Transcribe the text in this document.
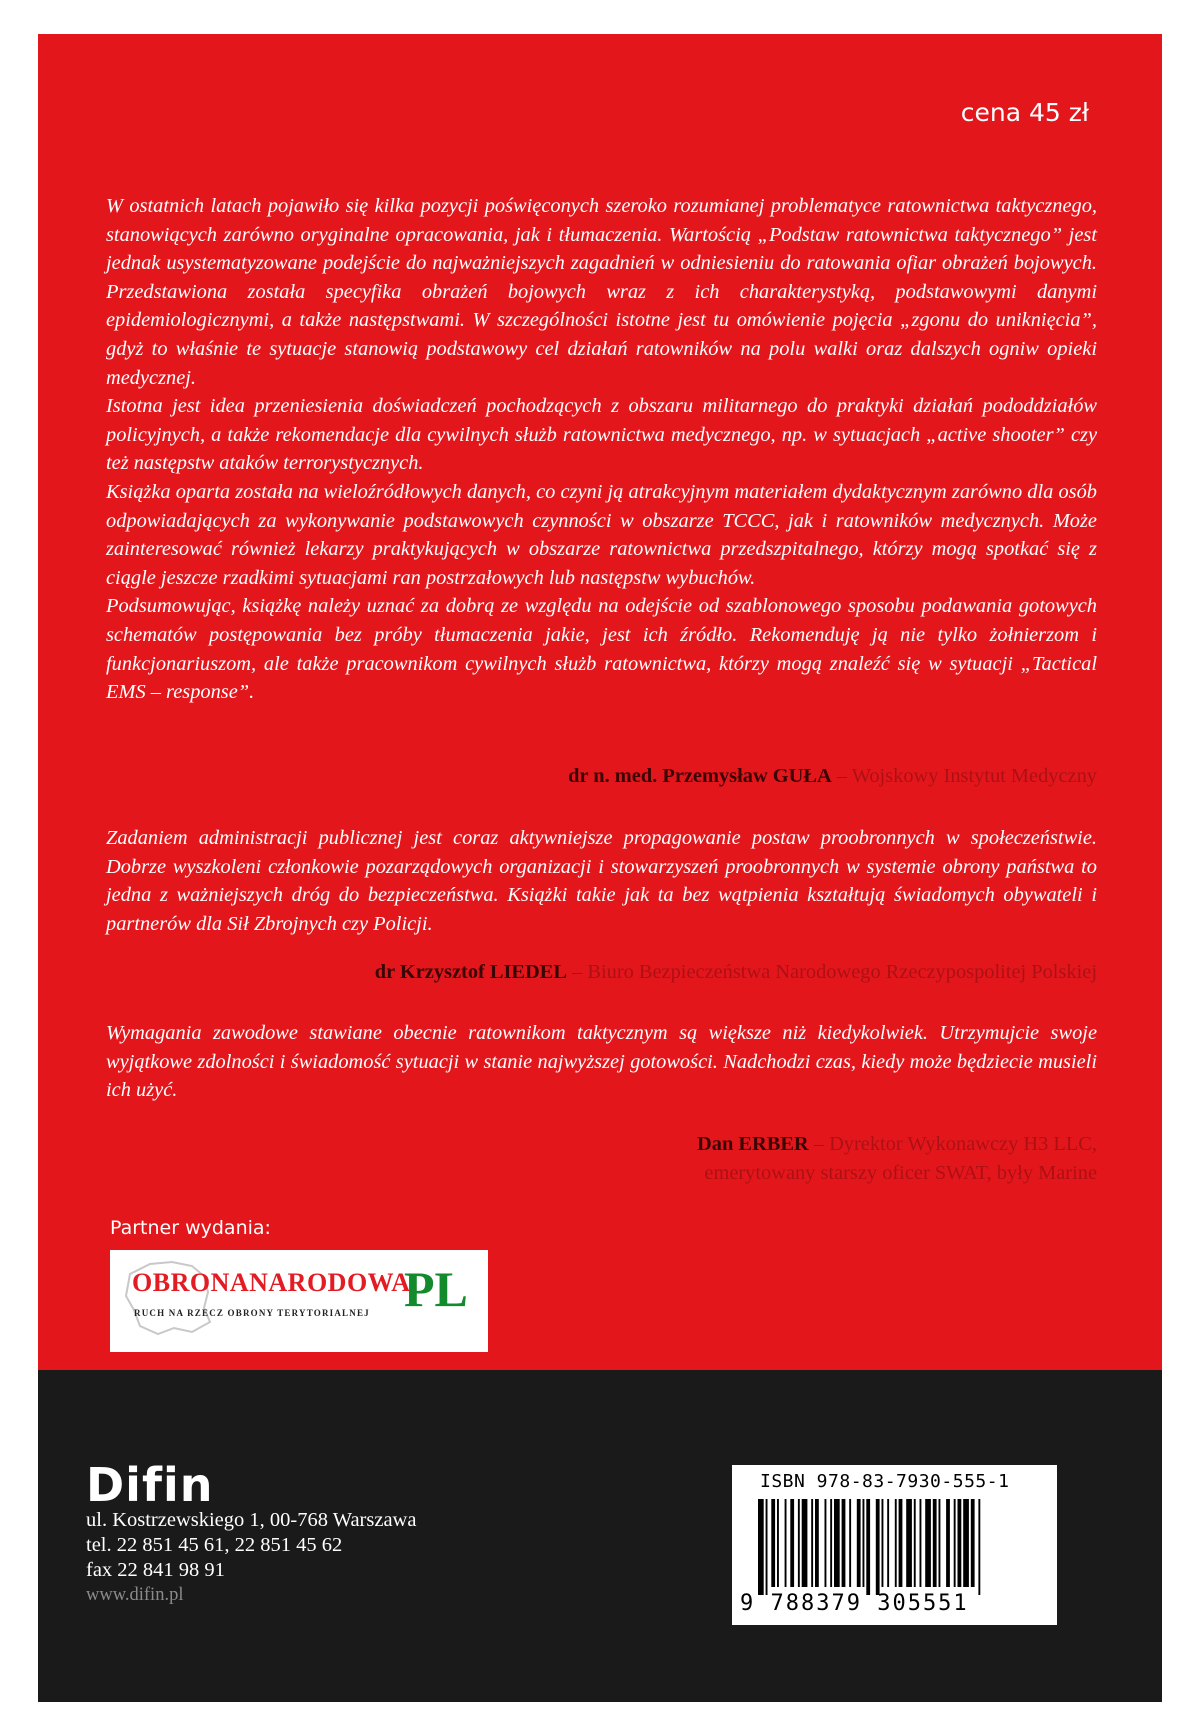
cena 45 zł

W ostatnich latach pojawiło się kilka pozycji poświęconych szeroko rozumianej problematyce ratownictwa taktycznego, stanowiących zarówno oryginalne opracowania, jak i tłumaczenia. Wartością „Podstaw ratownictwa taktycznego” jest jednak usystematyzowane podejście do najważniejszych zagadnień w odniesieniu do ratowania ofiar obrażeń bojowych. Przedstawiona została specyfika obrażeń bojowych wraz z ich charakterystyką, podstawowymi danymi epidemiologicznymi, a także następstwami. W szczególności istotne jest tu omówienie pojęcia „zgonu do uniknięcia”, gdyż to właśnie te sytuacje stanowią podstawowy cel działań ratowników na polu walki oraz dalszych ogniw opieki medycznej.

Istotna jest idea przeniesienia doświadczeń pochodzących z obszaru militarnego do praktyki działań pododdziałów policyjnych, a także rekomendacje dla cywilnych służb ratownictwa medycznego, np. w sytuacjach „active shooter” czy też następstw ataków terrorystycznych.

Książka oparta została na wieloźródłowych danych, co czyni ją atrakcyjnym materiałem dydaktycznym zarówno dla osób odpowiadających za wykonywanie podstawowych czynności w obszarze TCCC, jak i ratowników medycznych. Może zainteresować również lekarzy praktykujących w obszarze ratownictwa przedszpitalnego, którzy mogą spotkać się z ciągle jeszcze rzadkimi sytuacjami ran postrzałowych lub następstw wybuchów.

Podsumowując, książkę należy uznać za dobrą ze względu na odejście od szablonowego sposobu podawania gotowych schematów postępowania bez próby tłumaczenia jakie, jest ich źródło. Rekomenduję ją nie tylko żołnierzom i funkcjonariuszom, ale także pracownikom cywilnych służb ratownictwa, którzy mogą znaleźć się w sytuacji „Tactical EMS – response”.

dr n. med. Przemysław GUŁA – Wojskowy Instytut Medyczny

Zadaniem administracji publicznej jest coraz aktywniejsze propagowanie postaw proobronnych w społeczeństwie. Dobrze wyszkoleni członkowie pozarządowych organizacji i stowarzyszeń proobronnych w systemie obrony państwa to jedna z ważniejszych dróg do bezpieczeństwa. Książki takie jak ta bez wątpienia kształtują świadomych obywateli i partnerów dla Sił Zbrojnych czy Policji.

dr Krzysztof LIEDEL – Biuro Bezpieczeństwa Narodowego Rzeczypospolitej Polskiej

Wymagania zawodowe stawiane obecnie ratownikom taktycznym są większe niż kiedykolwiek. Utrzymujcie swoje wyjątkowe zdolności i świadomość sytuacji w stanie najwyższej gotowości. Nadchodzi czas, kiedy może będziecie musieli ich użyć.

Dan ERBER – Dyrektor Wykonawczy H3 LLC,
emerytowany starszy oficer SWAT, były Marine
Partner wydania:
OBRONANARODOWA.
PL
RUCH NA RZECZ OBRONY TERYTORIALNEJ
Difin
ul. Kostrzewskiego 1, 00-768 Warszawa
tel. 22 851 45 61, 22 851 45 62
fax 22 841 98 91
www.difin.pl
ISBN 978-83-7930-555-1
9 788379 305551
